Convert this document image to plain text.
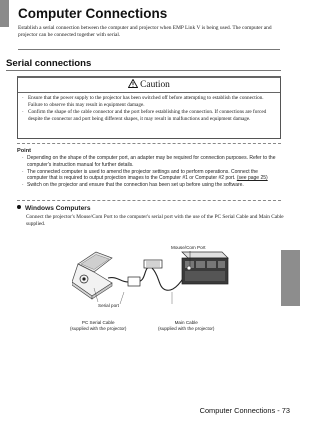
Computer Connections
Establish a serial connection between the computer and projector when EMP Link V is being used. The computer and projector can be connected together with serial.
Serial connections
Caution
· Ensure that the power supply to the projector has been switched off before attempting to establish the connection. Failure to observe this may result in equipment damage.
· Confirm the shape of the cable connector and the port before establishing the connection. If connections are forced despite the connector and port being different shapes, it may result in malfunctions and equipment damage.
Point
· Depending on the shape of the computer port, an adapter may be required for connection purposes. Refer to the computer's instruction manual for further details.
· The connected computer is used to amend the projector settings and to perform operations. Connect the computer that is required to output projection images to the Computer #1 or Computer #2 port. (see page 25)
· Switch on the projector and ensure that the connection has been set up before using the software.
Windows Computers
Connect the projector's Mouse/Com Port to the computer's serial port with the use of the PC Serial Cable and Main Cable supplied.
Mouse/Com Port
Serial port
PC Serial Cable
(supplied with the projector)
Main Cable
(supplied with the projector)
Computer Connections - 73
